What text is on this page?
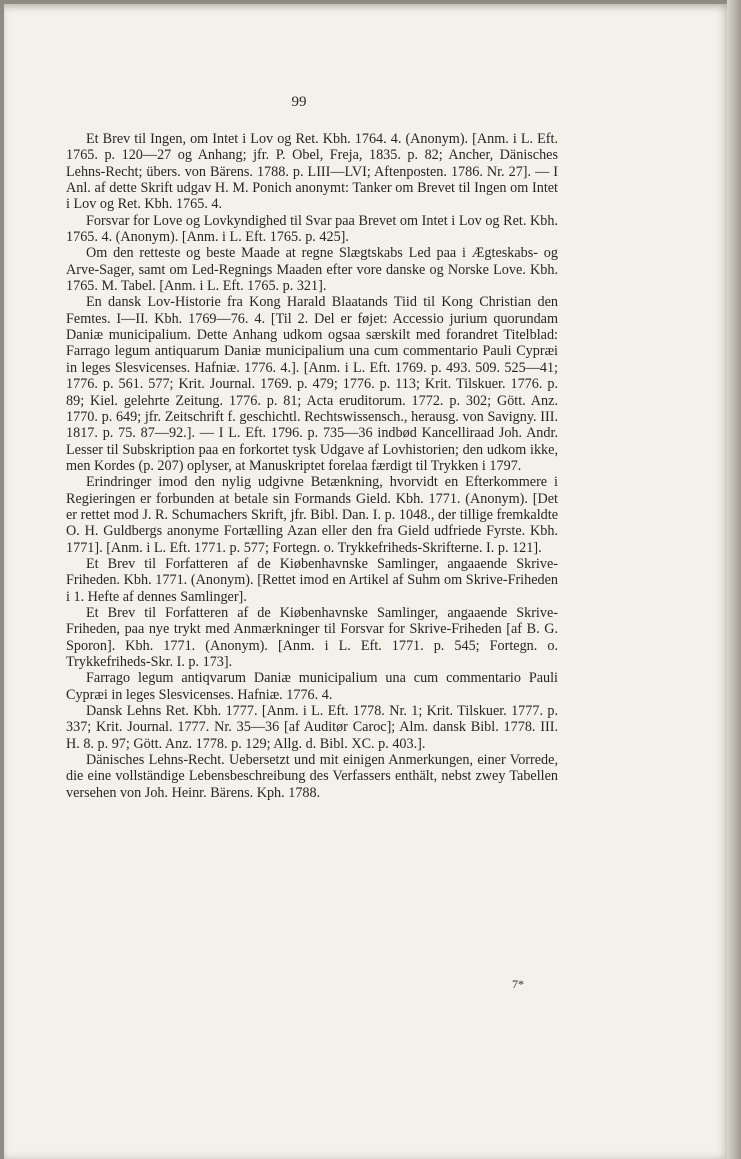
99

Et Brev til Ingen, om Intet i Lov og Ret. Kbh. 1764. 4. (Anonym). [Anm. i L. Eft. 1765. p. 120—27 og Anhang; jfr. P. Obel, Freja, 1835. p. 82; Ancher, Dänisches Lehns-Recht; übers. von Bärens. 1788. p. LIII—LVI; Aftenposten. 1786. Nr. 27]. — I Anl. af dette Skrift udgav H. M. Ponich anonymt: Tanker om Brevet til Ingen om Intet i Lov og Ret. Kbh. 1765. 4.

Forsvar for Love og Lovkyndighed til Svar paa Brevet om Intet i Lov og Ret. Kbh. 1765. 4. (Anonym). [Anm. i L. Eft. 1765. p. 425].

Om den retteste og beste Maade at regne Slægtskabs Led paa i Ægteskabs- og Arve-Sager, samt om Led-Regnings Maaden efter vore danske og Norske Love. Kbh. 1765. M. Tabel. [Anm. i L. Eft. 1765. p. 321].

En dansk Lov-Historie fra Kong Harald Blaatands Tiid til Kong Christian den Femtes. I—II. Kbh. 1769—76. 4. [Til 2. Del er føjet: Accessio jurium quorundam Daniæ municipalium. Dette Anhang udkom ogsaa særskilt med forandret Titelblad: Farrago legum antiquarum Daniæ municipalium una cum commentario Pauli Cypræi in leges Slesvicenses. Hafniæ. 1776. 4.]. [Anm. i L. Eft. 1769. p. 493. 509. 525—41; 1776. p. 561. 577; Krit. Journal. 1769. p. 479; 1776. p. 113; Krit. Tilskuer. 1776. p. 89; Kiel. gelehrte Zeitung. 1776. p. 81; Acta eruditorum. 1772. p. 302; Gött. Anz. 1770. p. 649; jfr. Zeitschrift f. geschichtl. Rechtswissensch., herausg. von Savigny. III. 1817. p. 75. 87—92.]. — I L. Eft. 1796. p. 735—36 indbød Kancelliraad Joh. Andr. Lesser til Subskription paa en forkortet tysk Udgave af Lovhistorien; den udkom ikke, men Kordes (p. 207) oplyser, at Manuskriptet forelaa færdigt til Trykken i 1797.

Erindringer imod den nylig udgivne Betænkning, hvorvidt en Efterkommere i Regieringen er forbunden at betale sin Formands Gield. Kbh. 1771. (Anonym). [Det er rettet mod J. R. Schumachers Skrift, jfr. Bibl. Dan. I. p. 1048., der tillige fremkaldte O. H. Guldbergs anonyme Fortælling Azan eller den fra Gield udfriede Fyrste. Kbh. 1771]. [Anm. i L. Eft. 1771. p. 577; Fortegn. o. Trykkefriheds-Skrifterne. I. p. 121].

Et Brev til Forfatteren af de Kiøbenhavnske Samlinger, angaaende Skrive-Friheden. Kbh. 1771. (Anonym). [Rettet imod en Artikel af Suhm om Skrive-Friheden i 1. Hefte af dennes Samlinger].

Et Brev til Forfatteren af de Kiøbenhavnske Samlinger, angaaende Skrive-Friheden, paa nye trykt med Anmærkninger til Forsvar for Skrive-Friheden [af B. G. Sporon]. Kbh. 1771. (Anonym). [Anm. i L. Eft. 1771. p. 545; Fortegn. o. Trykkefriheds-Skr. I. p. 173].

Farrago legum antiqvarum Daniæ municipalium una cum commentario Pauli Cypræi in leges Slesvicenses. Hafniæ. 1776. 4.

Dansk Lehns Ret. Kbh. 1777. [Anm. i L. Eft. 1778. Nr. 1; Krit. Tilskuer. 1777. p. 337; Krit. Journal. 1777. Nr. 35—36 [af Auditør Caroc]; Alm. dansk Bibl. 1778. III. H. 8. p. 97; Gött. Anz. 1778. p. 129; Allg. d. Bibl. XC. p. 403.].

Dänisches Lehns-Recht. Uebersetzt und mit einigen Anmerkungen, einer Vorrede, die eine vollständige Lebensbeschreibung des Verfassers enthält, nebst zwey Tabellen versehen von Joh. Heinr. Bärens. Kph. 1788.

7*
